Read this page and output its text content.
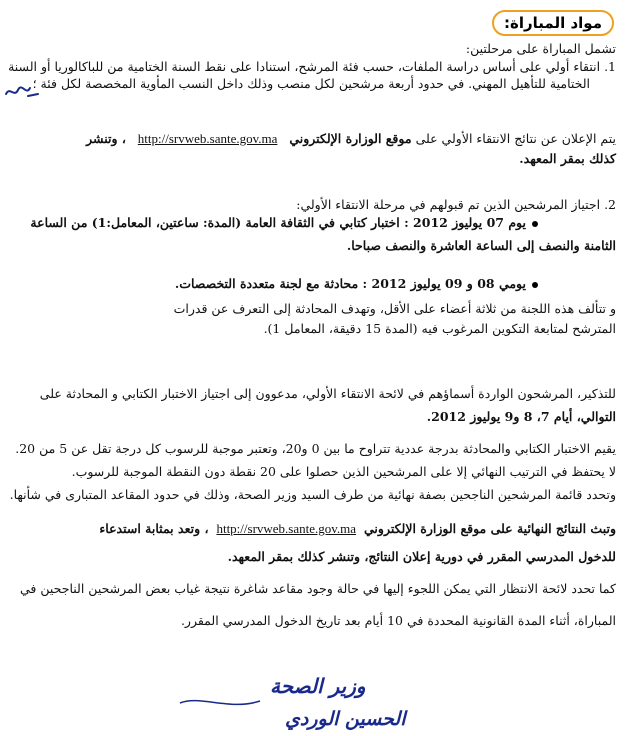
مواد المباراة:
تشمل المباراة على مرحلتين:
1. انتقاء أولي على أساس دراسة الملفات، حسب فئة المرشح، استنادا على نقط السنة الختامية من للباكالوريا أو السنة
الختامية للتأهيل المهني. في حدود أربعة مرشحين لكل منصب وذلك داخل النسب المأوية المخصصة لكل فئة ؛
يتم الإعلان عن نتائج الانتقاء الأولي على موقع الوزارة الإلكتروني   http://srvweb.sante.gov.ma   ، وتنشر
كذلك بمقر المعهد.
2. اجتياز المرشحين الذين تم قبولهم في مرحلة الانتقاء الأولي:
يوم 07 يوليوز 2012 : اختبار كتابي في الثقافة العامة (المدة: ساعتين، المعامل:1) من الساعة
الثامنة والنصف إلى الساعة العاشرة والنصف صباحا.
يومي 08 و 09 يوليوز 2012 : محادثة مع لجنة متعددة التخصصات.
و تتألف هذه اللجنة من ثلاثة أعضاء على الأقل، وتهدف المحادثة إلى التعرف عن قدرات
المترشح لمتابعة التكوين المرغوب فيه (المدة 15 دقيقة، المعامل 1).
للتذكير، المرشحون الواردة أسماؤهم في لائحة الانتقاء الأولي، مدعوون إلى اجتياز الاختبار الكتابي و المحادثة على
التوالي، أيام 7، 8 و9 يوليوز 2012.
يقيم الاختبار الكتابي والمحادثة بدرجة عددية تتراوح ما بين 0 و20، وتعتبر موجبة للرسوب كل درجة تقل عن 5 من 20.
لا يحتفظ في الترتيب النهائي إلا على المرشحين الذين حصلوا على 20 نقطة دون النقطة الموجبة للرسوب.
وتحدد قائمة المرشحين الناجحين بصفة نهائية من طرف السيد وزير الصحة، وذلك في حدود المقاعد المتبارى في شأنها.
وتبث النتائج النهائية على موقع الوزارة الإلكتروني  http://srvweb.sante.gov.ma  ، وتعد بمثابة استدعاء
للدخول المدرسي المقرر في دورية إعلان النتائج، وتنشر كذلك بمقر المعهد.
كما تحدد لائحة الانتظار التي يمكن اللجوء إليها في حالة وجود مقاعد شاغرة نتيجة غياب بعض المرشحين الناجحين في
المباراة، أثناء المدة القانونية المحددة في 10 أيام بعد تاريخ الدخول المدرسي المقرر.
وزير الصحة
الحسين الوردي
